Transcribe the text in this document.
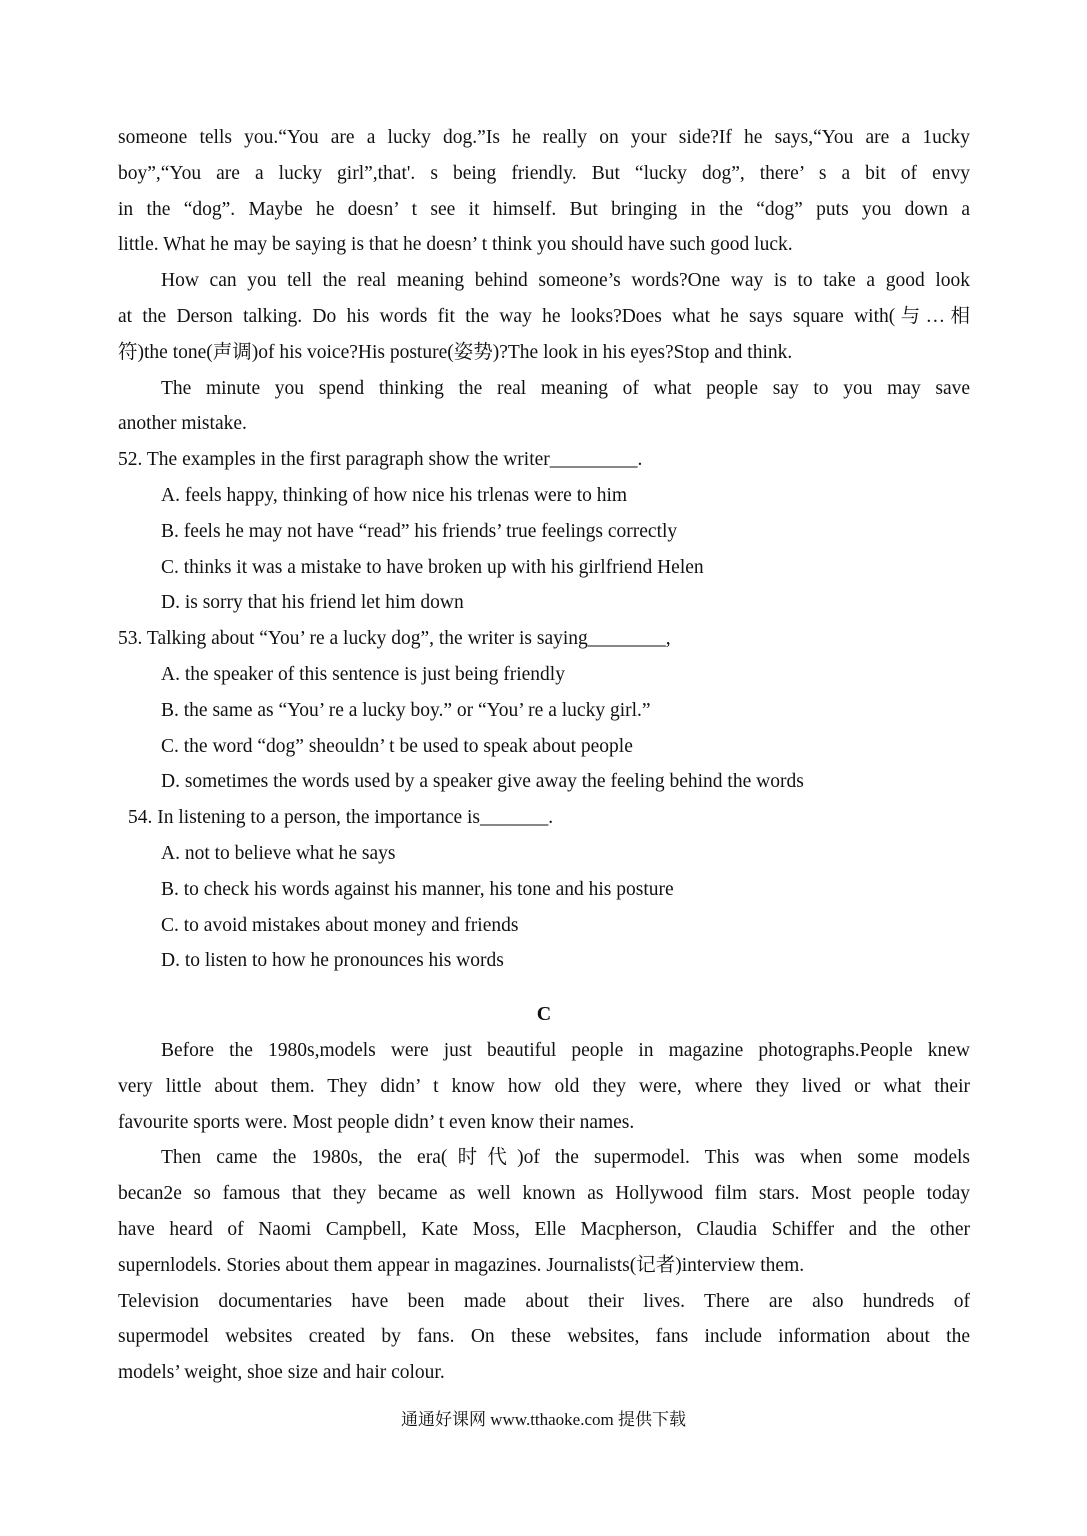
someone tells you.“You are a lucky dog.”Is he really on your side?If he says,“You are a 1ucky

boy”,“You are a lucky girl”,that'. s being friendly. But “lucky dog”, there’ s a bit of envy

in the “dog”. Maybe he doesn’ t see it himself. But bringing in the “dog” puts you down a

little. What he may be saying is that he doesn’ t think you should have such good luck.

How can you tell the real meaning behind someone’s words?One way is to take a good look

at the Derson talking. Do his words fit the way he looks?Does what he says square with(与…相

符)the tone(声调)of his voice?His posture(姿势)?The look in his eyes?Stop and think.

The minute you spend thinking the real meaning of what people say to you may save

another mistake.

52. The examples in the first paragraph show the writer_________.

A. feels happy, thinking of how nice his trlenas were to him

B. feels he may not have “read” his friends’ true feelings correctly

C. thinks it was a mistake to have broken up with his girlfriend Helen

D. is sorry that his friend let him down

53. Talking about “You’ re a lucky dog”, the writer is saying________,

A. the speaker of this sentence is just being friendly

B. the same as “You’ re a lucky boy.” or “You’ re a lucky girl.”

C. the word “dog” sheouldn’ t be used to speak about people

D. sometimes the words used by a speaker give away the feeling behind the words

54. In listening to a person, the importance is_______.

A. not to believe what he says

B. to check his words against his manner, his tone and his posture

C. to avoid mistakes about money and friends

D. to listen to how he pronounces his words

C

Before the 1980s,models were just beautiful people in magazine photographs.People knew

very little about them. They didn’ t know how old they were, where they lived or what their

favourite sports were. Most people didn’ t even know their names.

Then came the 1980s, the era(时代)of the supermodel. This was when some models

becan2e so famous that they became as well known as Hollywood film stars. Most people today

have heard of Naomi Campbell, Kate Moss, Elle Macpherson, Claudia Schiffer and the other

supernlodels. Stories about them appear in magazines. Journalists(记者)interview them.

Television documentaries have been made about their lives. There are also hundreds of

supermodel websites created by fans. On these websites, fans include information about the

models’ weight, shoe size and hair colour.

通通好课网 www.tthaoke.com 提供下载
